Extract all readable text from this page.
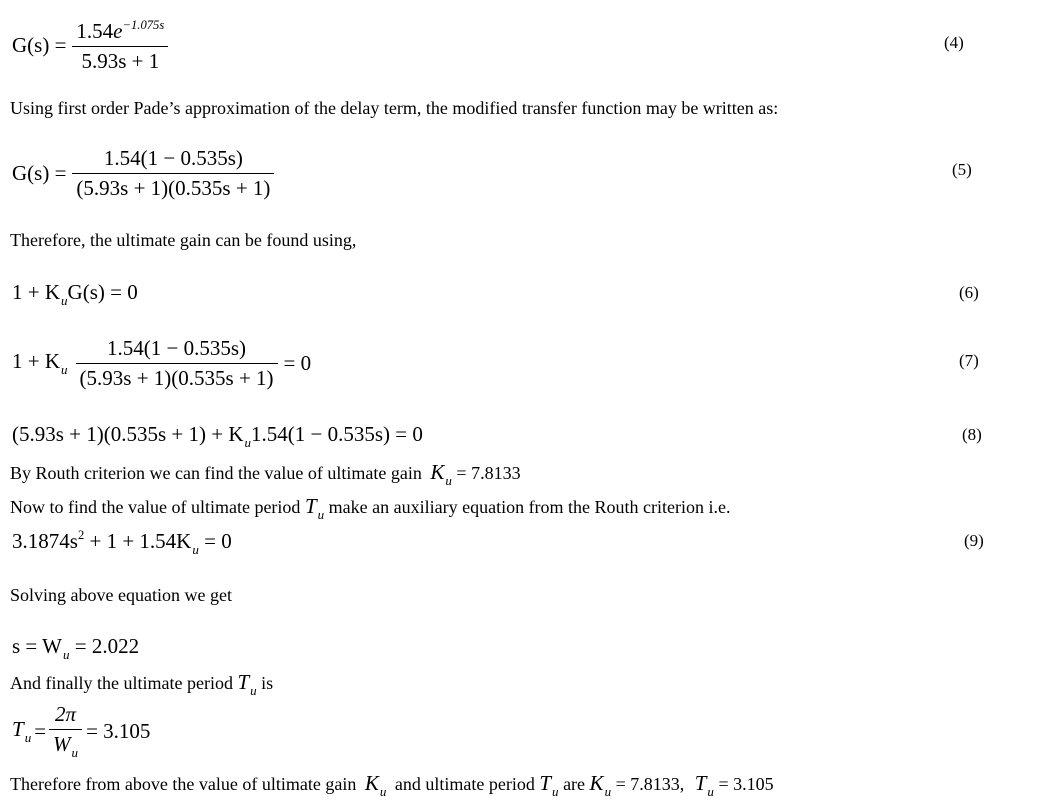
$G(s) = \frac{1.54e^{-1.075s}}{5.93s + 1}$	(4)
Using first order Pade’s approximation of the delay term, the modified transfer function may be written as:
$G(s) = \frac{1.54(1 - 0.535s)}{(5.93s + 1)(0.535s + 1)}$	(5)
Therefore, the ultimate gain can be found using,
$1 + K_uG(s) = 0$	(6)
$1 + K_u \frac{1.54(1 - 0.535s)}{(5.93s + 1)(0.535s + 1)} = 0$	(7)
$(5.93s + 1)(0.535s + 1) + K_u1.54(1 - 0.535s) = 0$	(8)
By Routh criterion we can find the value of ultimate gain $K_u = 7.8133$
Now to find the value of ultimate period $T_u$ make an auxiliary equation from the Routh criterion i.e.
$3.1874s^2 + 1 + 1.54K_u = 0$	(9)
Solving above equation we get
$s = W_u = 2.022$
And finally the ultimate period $T_u$ is
$T_u = \frac{2\pi}{W_u} = 3.105$
Therefore from above the value of ultimate gain $K_u$ and ultimate period $T_u$ are $K_u = 7.8133$, $T_u = 3.105$
